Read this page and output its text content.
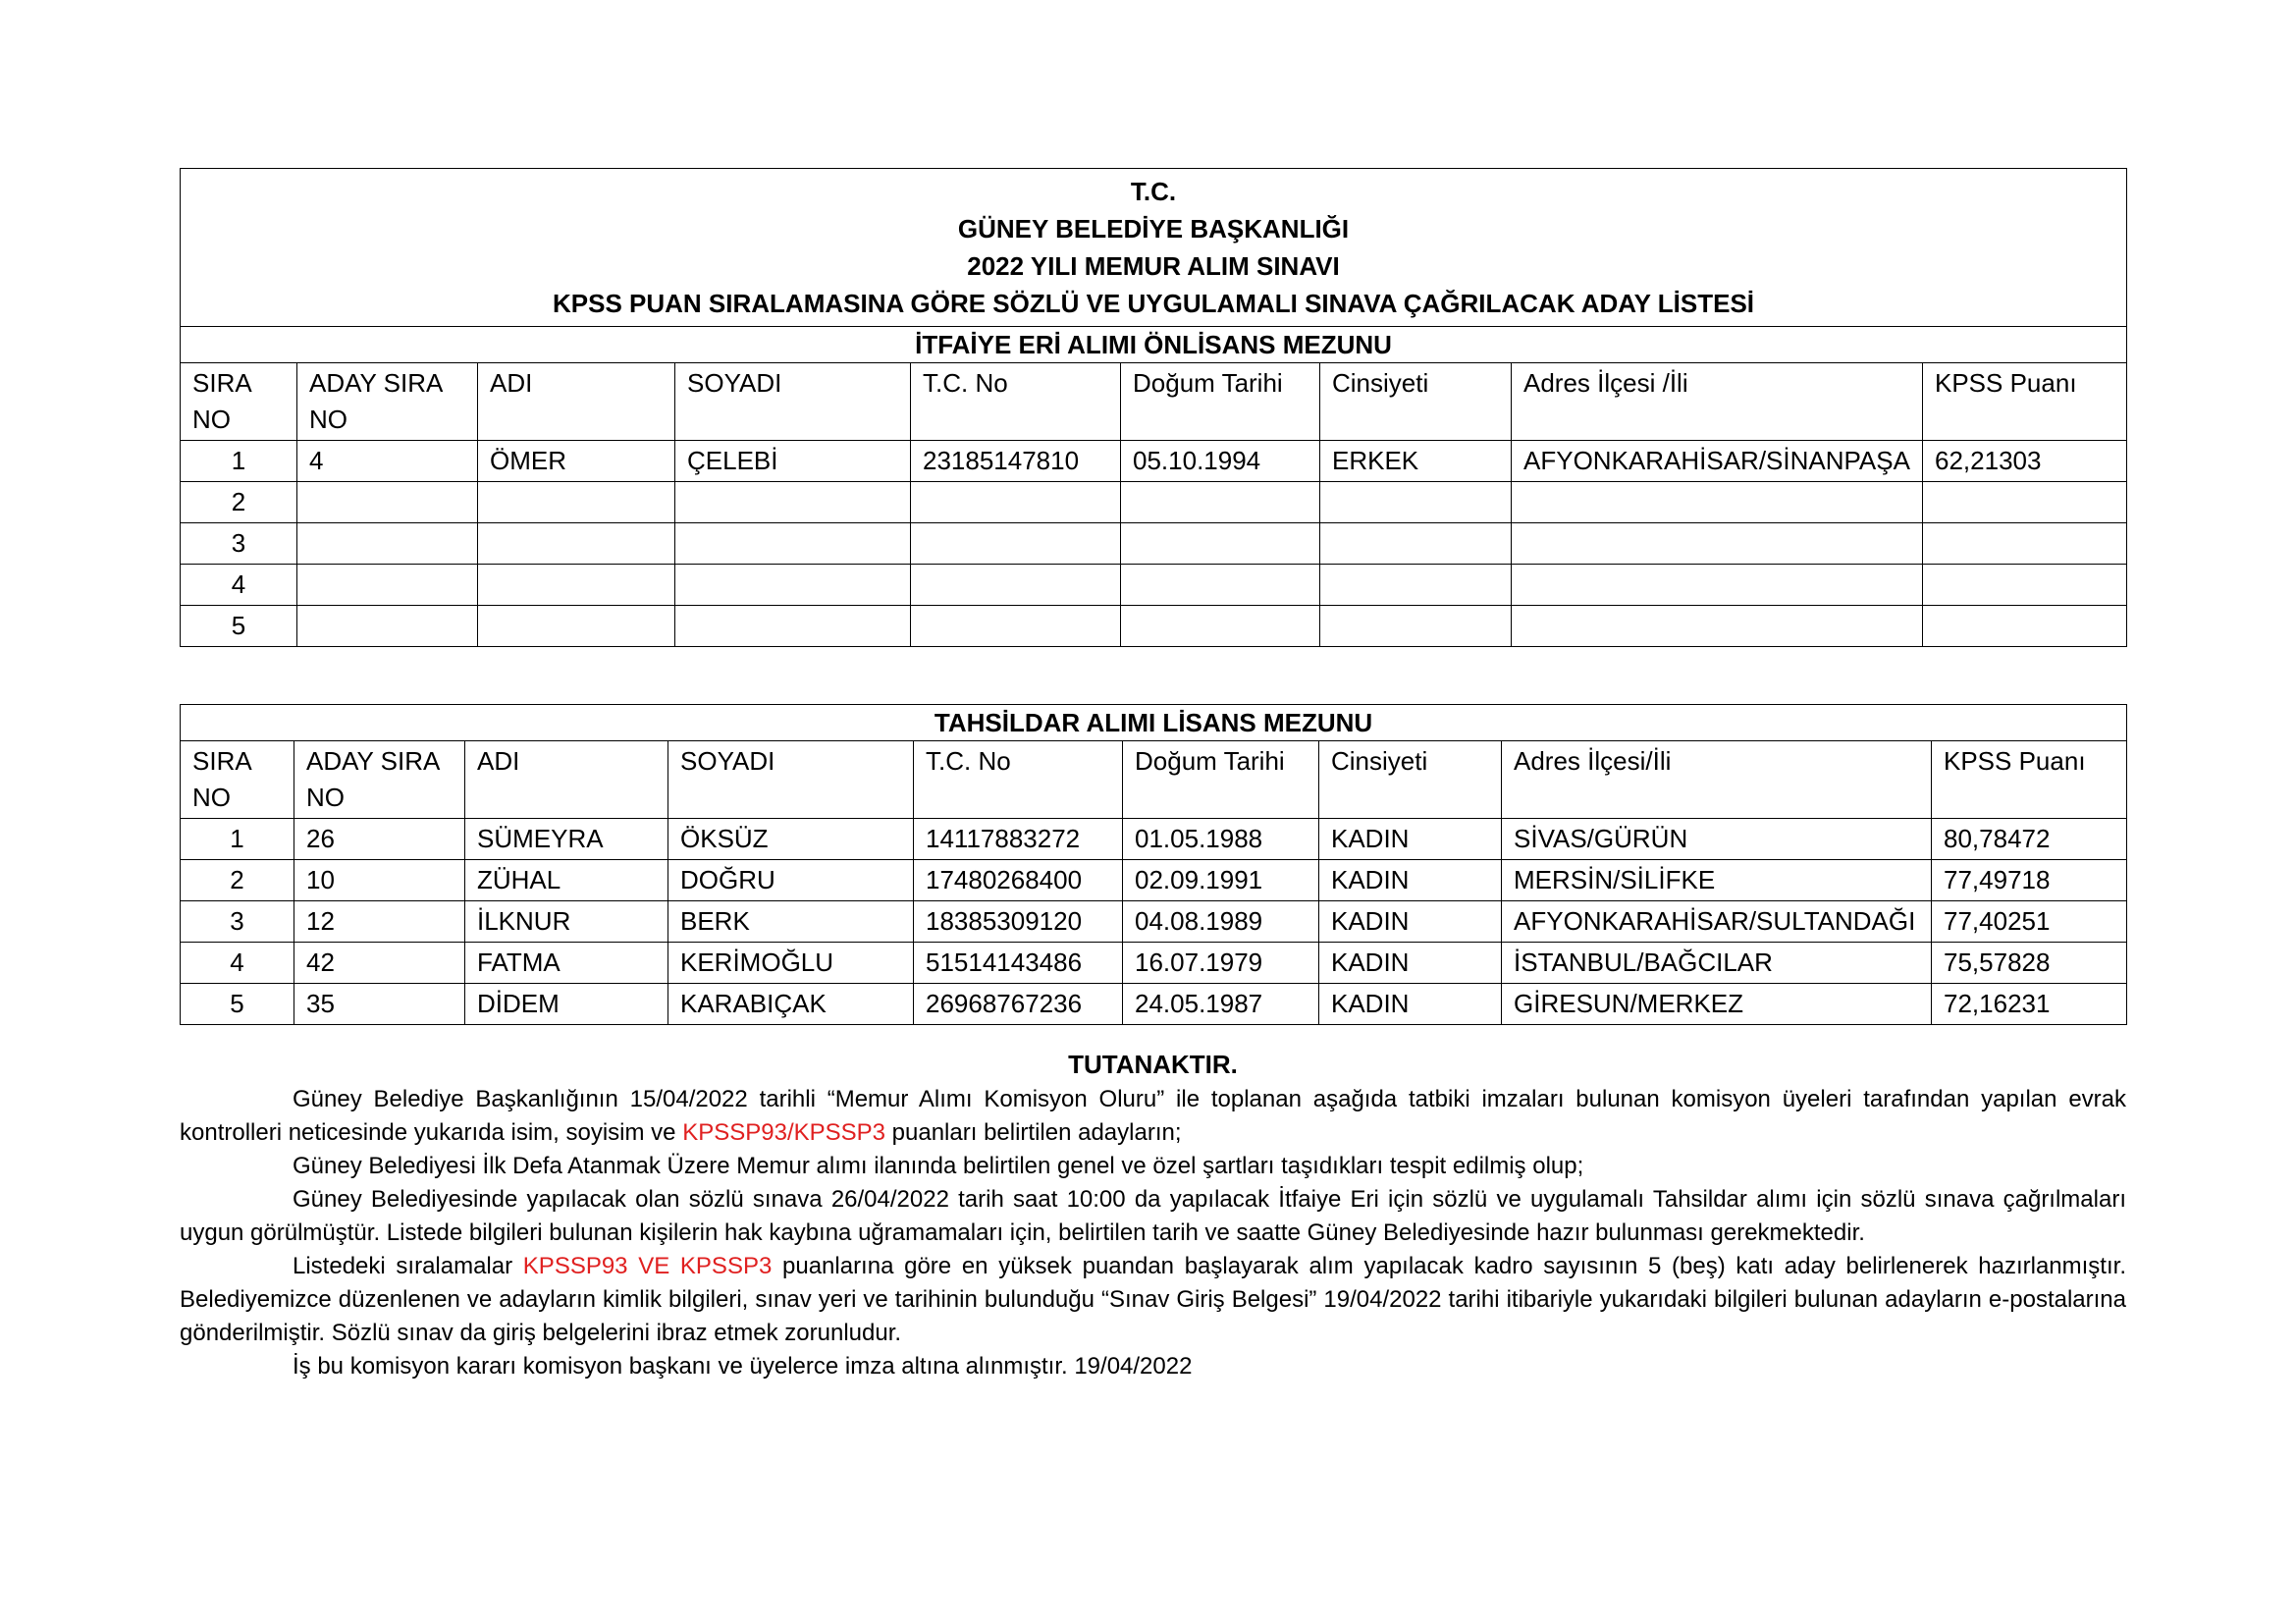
T.C.
GÜNEY BELEDİYE BAŞKANLIĞI
2022 YILI MEMUR ALIM SINAVI
KPSS PUAN SIRALAMASINA GÖRE SÖZLÜ VE UYGULAMALI SINAVA ÇAĞRILACAK ADAY LİSTESİ								

İTFAİYE ERİ ALIMI ÖNLİSANS MEZUNU								
SIRA NO	ADAY SIRA NO	ADI	SOYADI	T.C. No	Doğum Tarihi	Cinsiyeti	Adres İlçesi /İli	KPSS Puanı
1	4	ÖMER	ÇELEBİ	23185147810	05.10.1994	ERKEK	AFYONKARAHİSAR/SİNANPAŞA	62,21303
2								
3								
4								
5								
TAHSİLDAR ALIMI LİSANS MEZUNU								
SIRA NO	ADAY SIRA NO	ADI	SOYADI	T.C. No	Doğum Tarihi	Cinsiyeti	Adres İlçesi/İli	KPSS Puanı
1	26	SÜMEYRA	ÖKSÜZ	14117883272	01.05.1988	KADIN	SİVAS/GÜRÜN	80,78472
2	10	ZÜHAL	DOĞRU	17480268400	02.09.1991	KADIN	MERSİN/SİLİFKE	77,49718
3	12	İLKNUR	BERK	18385309120	04.08.1989	KADIN	AFYONKARAHİSAR/SULTANDAĞI	77,40251
4	42	FATMA	KERİMOĞLU	51514143486	16.07.1979	KADIN	İSTANBUL/BAĞCILAR	75,57828
5	35	DİDEM	KARABIÇAK	26968767236	24.05.1987	KADIN	GİRESUN/MERKEZ	72,16231
TUTANAKTIR.

Güney Belediye Başkanlığının 15/04/2022 tarihli “Memur Alımı Komisyon Oluru” ile toplanan aşağıda tatbiki imzaları bulunan komisyon üyeleri tarafından yapılan evrak kontrolleri neticesinde yukarıda isim, soyisim ve KPSSP93/KPSSP3 puanları belirtilen adayların;

Güney Belediyesi İlk Defa Atanmak Üzere Memur alımı ilanında belirtilen genel ve özel şartları taşıdıkları tespit edilmiş olup;

Güney Belediyesinde yapılacak olan sözlü sınava 26/04/2022 tarih saat 10:00 da yapılacak İtfaiye Eri için sözlü ve uygulamalı Tahsildar alımı için sözlü sınava çağrılmaları uygun görülmüştür. Listede bilgileri bulunan kişilerin hak kaybına uğramamaları için, belirtilen tarih ve saatte Güney Belediyesinde hazır bulunması gerekmektedir.

Listedeki sıralamalar KPSSP93 VE KPSSP3 puanlarına göre en yüksek puandan başlayarak alım yapılacak kadro sayısının 5 (beş) katı aday belirlenerek hazırlanmıştır. Belediyemizce düzenlenen ve adayların kimlik bilgileri, sınav yeri ve tarihinin bulunduğu “Sınav Giriş Belgesi” 19/04/2022 tarihi itibariyle yukarıdaki bilgileri bulunan adayların e-postalarına gönderilmiştir. Sözlü sınav da giriş belgelerini ibraz etmek zorunludur.

İş bu komisyon kararı komisyon başkanı ve üyelerce imza altına alınmıştır. 19/04/2022
